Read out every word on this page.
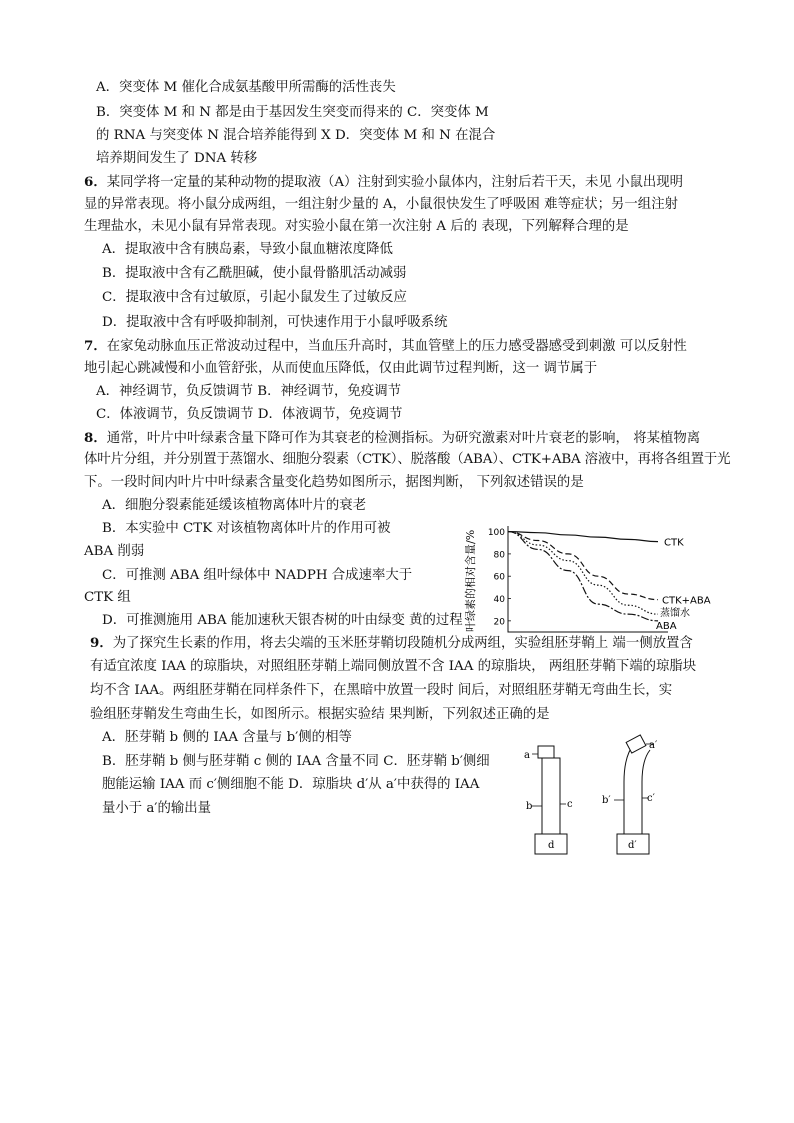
A．突变体 M 催化合成氨基酸甲所需酶的活性丧失
B．突变体 M 和 N 都是由于基因发生突变而得来的 C．突变体 M
的 RNA 与突变体 N 混合培养能得到 X D．突变体 M 和 N 在混合
培养期间发生了 DNA 转移
6．某同学将一定量的某种动物的提取液（A）注射到实验小鼠体内，注射后若干天，未见 小鼠出现明
显的异常表现。将小鼠分成两组，一组注射少量的 A，小鼠很快发生了呼吸困 难等症状；另一组注射
生理盐水，未见小鼠有异常表现。对实验小鼠在第一次注射 A 后的 表现，下列解释合理的是
A．提取液中含有胰岛素，导致小鼠血糖浓度降低
B．提取液中含有乙酰胆碱，使小鼠骨骼肌活动减弱
C．提取液中含有过敏原，引起小鼠发生了过敏反应
D．提取液中含有呼吸抑制剂，可快速作用于小鼠呼吸系统
7．在家兔动脉血压正常波动过程中，当血压升高时，其血管壁上的压力感受器感受到刺激 可以反射性
地引起心跳减慢和小血管舒张，从而使血压降低，仅由此调节过程判断，这一 调节属于
A．神经调节，负反馈调节 B．神经调节，免疫调节
C．体液调节，负反馈调节 D．体液调节，免疫调节
8．通常，叶片中叶绿素含量下降可作为其衰老的检测指标。为研究激素对叶片衰老的影响， 将某植物离
体叶片分组，并分别置于蒸馏水、细胞分裂素（CTK）、脱落酸（ABA）、CTK+ABA 溶液中，再将各组置于光
下。一段时间内叶片中叶绿素含量变化趋势如图所示，据图判断， 下列叙述错误的是
A．细胞分裂素能延缓该植物离体叶片的衰老
B．本实验中 CTK 对该植物离体叶片的作用可被
ABA 削弱
C．可推测 ABA 组叶绿体中 NADPH 合成速率大于
CTK 组
D．可推测施用 ABA 能加速秋天银杏树的叶由绿变 黄的过程	20
40
60
80
100
CTK
CTK+ABA
蒸馏水
ABA
叶绿素的相对含量/%
9．为了探究生长素的作用，将去尖端的玉米胚芽鞘切段随机分成两组，实验组胚芽鞘上 端一侧放置含
有适宜浓度 IAA 的琼脂块，对照组胚芽鞘上端同侧放置不含 IAA 的琼脂块， 两组胚芽鞘下端的琼脂块
均不含 IAA。两组胚芽鞘在同样条件下，在黑暗中放置一段时 间后，对照组胚芽鞘无弯曲生长，实
验组胚芽鞘发生弯曲生长，如图所示。根据实验结 果判断，下列叙述正确的是
A．胚芽鞘 b 侧的 IAA 含量与 b′侧的相等
B．胚芽鞘 b 侧与胚芽鞘 c 侧的 IAA 含量不同 C．胚芽鞘 b′侧细
胞能运输 IAA 而 c′侧细胞不能 D．琼脂块 d′从 a′中获得的 IAA
量小于 a′的输出量
a
b	c
d
a′
b′	c′
d′
